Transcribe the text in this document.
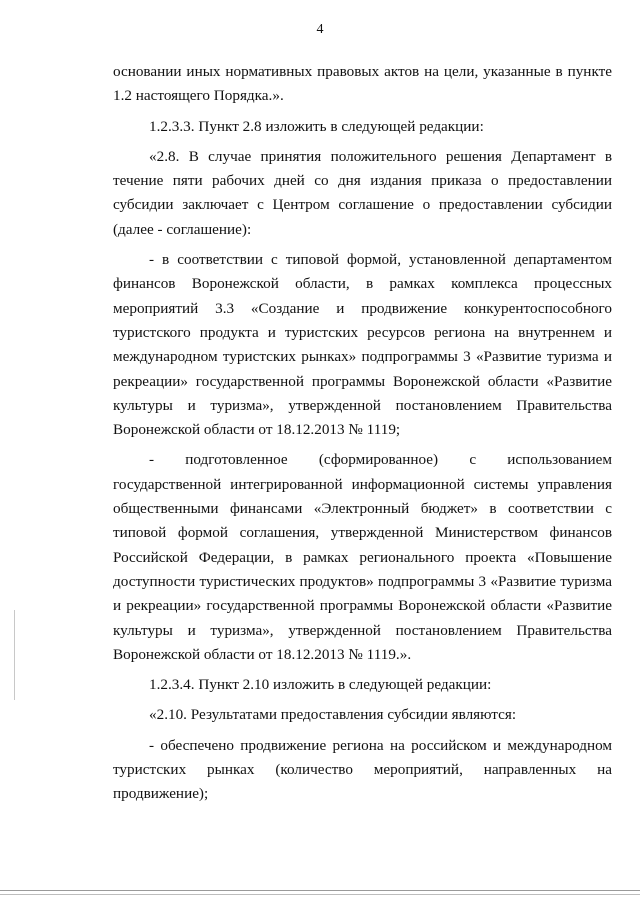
4

основании иных нормативных правовых актов на цели, указанные в пункте 1.2 настоящего Порядка.».

1.2.3.3. Пункт 2.8 изложить в следующей редакции:

«2.8. В случае принятия положительного решения Департамент в течение пяти рабочих дней со дня издания приказа о предоставлении субсидии заключает с Центром соглашение о предоставлении субсидии (далее - соглашение):

- в соответствии с типовой формой, установленной департаментом финансов Воронежской области, в рамках комплекса процессных мероприятий 3.3 «Создание и продвижение конкурентоспособного туристского продукта и туристских ресурсов региона на внутреннем и международном туристских рынках» подпрограммы 3 «Развитие туризма и рекреации» государственной программы Воронежской области «Развитие культуры и туризма», утвержденной постановлением Правительства Воронежской области от 18.12.2013 № 1119;

- подготовленное (сформированное) с использованием государственной интегрированной информационной системы управления общественными финансами «Электронный бюджет» в соответствии с типовой формой соглашения, утвержденной Министерством финансов Российской Федерации, в рамках регионального проекта «Повышение доступности туристических продуктов» подпрограммы 3 «Развитие туризма и рекреации» государственной программы Воронежской области «Развитие культуры и туризма», утвержденной постановлением Правительства Воронежской области от 18.12.2013 № 1119.».

1.2.3.4. Пункт 2.10 изложить в следующей редакции:

«2.10. Результатами предоставления субсидии являются:

- обеспечено продвижение региона на российском и международном туристских рынках (количество мероприятий, направленных на продвижение);
